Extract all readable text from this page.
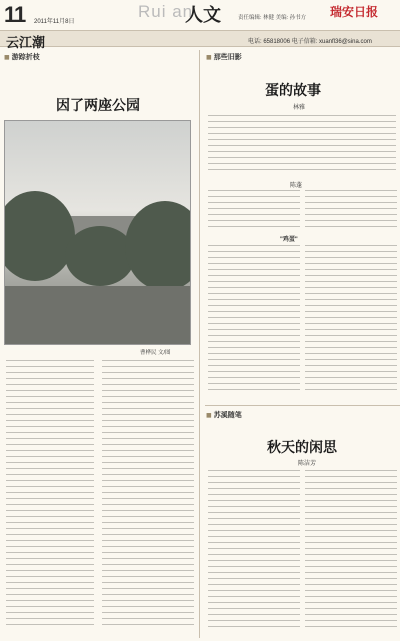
11 2011年11月8日
Rui an
人文	责任编辑: 林健 美编: 孙书方 瑞安日报
云江潮	电话: 65818006 电子信箱: xuanfl36@sina.com
■ 游踪折枝
因了两座公园
曹桦民 文/图
■ 那些旧影
蛋的故事
林雅
陈蓬
"鸡蛋"
■ 苏溪随笔
秋天的闲思
陈洁芳
